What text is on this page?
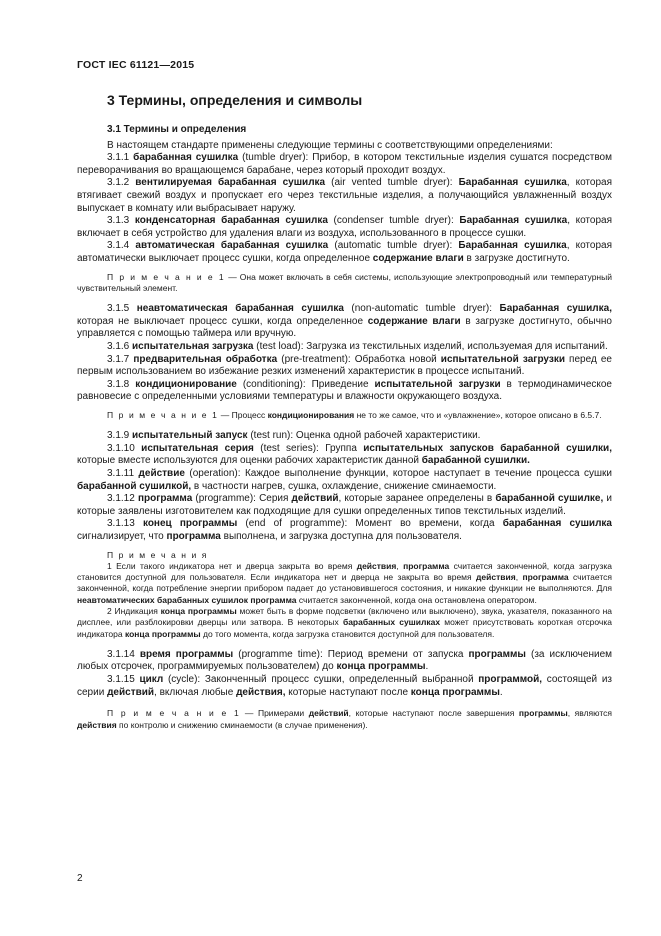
ГОСТ IEC 61121—2015
3 Термины, определения и символы

3.1 Термины и определения

В настоящем стандарте применены следующие термины с соответствующими определениями:

3.1.1 барабанная сушилка (tumble dryer): Прибор, в котором текстильные изделия сушатся посредством переворачивания во вращающемся барабане, через который проходит воздух.

3.1.2 вентилируемая барабанная сушилка (air vented tumble dryer): Барабанная сушилка, которая втягивает свежий воздух и пропускает его через текстильные изделия, а получающийся увлажненный воздух выпускает в комнату или выбрасывает наружу.

3.1.3 конденсаторная барабанная сушилка (condenser tumble dryer): Барабанная сушилка, которая включает в себя устройство для удаления влаги из воздуха, использованного в процессе сушки.

3.1.4 автоматическая барабанная сушилка (automatic tumble dryer): Барабанная сушилка, которая автоматически выключает процесс сушки, когда определенное содержание влаги в загрузке достигнуто.

П р и м е ч а н и е 1 — Она может включать в себя системы, использующие электропроводный или температурный чувствительный элемент.

3.1.5 неавтоматическая барабанная сушилка (non-automatic tumble dryer): Барабанная сушилка, которая не выключает процесс сушки, когда определенное содержание влаги в загрузке достигнуто, обычно управляется с помощью таймера или вручную.

3.1.6 испытательная загрузка (test load): Загрузка из текстильных изделий, используемая для испытаний.

3.1.7 предварительная обработка (pre-treatment): Обработка новой испытательной загрузки перед ее первым использованием во избежание резких изменений характеристик в процессе испытаний.

3.1.8 кондиционирование (conditioning): Приведение испытательной загрузки в термодинамическое равновесие с определенными условиями температуры и влажности окружающего воздуха.

П р и м е ч а н и е 1 — Процесс кондиционирования не то же самое, что и «увлажнение», которое описано в 6.5.7.

3.1.9 испытательный запуск (test run): Оценка одной рабочей характеристики.

3.1.10 испытательная серия (test series): Группа испытательных запусков барабанной сушилки, которые вместе используются для оценки рабочих характеристик данной барабанной сушилки.

3.1.11 действие (operation): Каждое выполнение функции, которое наступает в течение процесса сушки барабанной сушилкой, в частности нагрев, сушка, охлаждение, снижение сминаемости.

3.1.12 программа (programme): Серия действий, которые заранее определены в барабанной сушилке, и которые заявлены изготовителем как подходящие для сушки определенных типов текстильных изделий.

3.1.13 конец программы (end of programme): Момент во времени, когда барабанная сушилка сигнализирует, что программа выполнена, и загрузка доступна для пользователя.

П р и м е ч а н и я

1 Если такого индикатора нет и дверца закрыта во время действия, программа считается законченной, когда загрузка становится доступной для пользователя. Если индикатора нет и дверца не закрыта во время действия, программа считается законченной, когда потребление энергии прибором падает до установившегося состояния, и никакие функции не выполняются. Для неавтоматических барабанных сушилок программа считается законченной, когда она остановлена оператором.

2 Индикация конца программы может быть в форме подсветки (включено или выключено), звука, указателя, показанного на дисплее, или разблокировки дверцы или затвора. В некоторых барабанных сушилках может присутствовать короткая отсрочка индикатора конца программы до того момента, когда загрузка становится доступной для пользователя.

3.1.14 время программы (programme time): Период времени от запуска программы (за исключением любых отсрочек, программируемых пользователем) до конца программы.

3.1.15 цикл (cycle): Законченный процесс сушки, определенный выбранной программой, состоящей из серии действий, включая любые действия, которые наступают после конца программы.

П р и м е ч а н и е 1 — Примерами действий, которые наступают после завершения программы, являются действия по контролю и снижению сминаемости (в случае применения).

2
